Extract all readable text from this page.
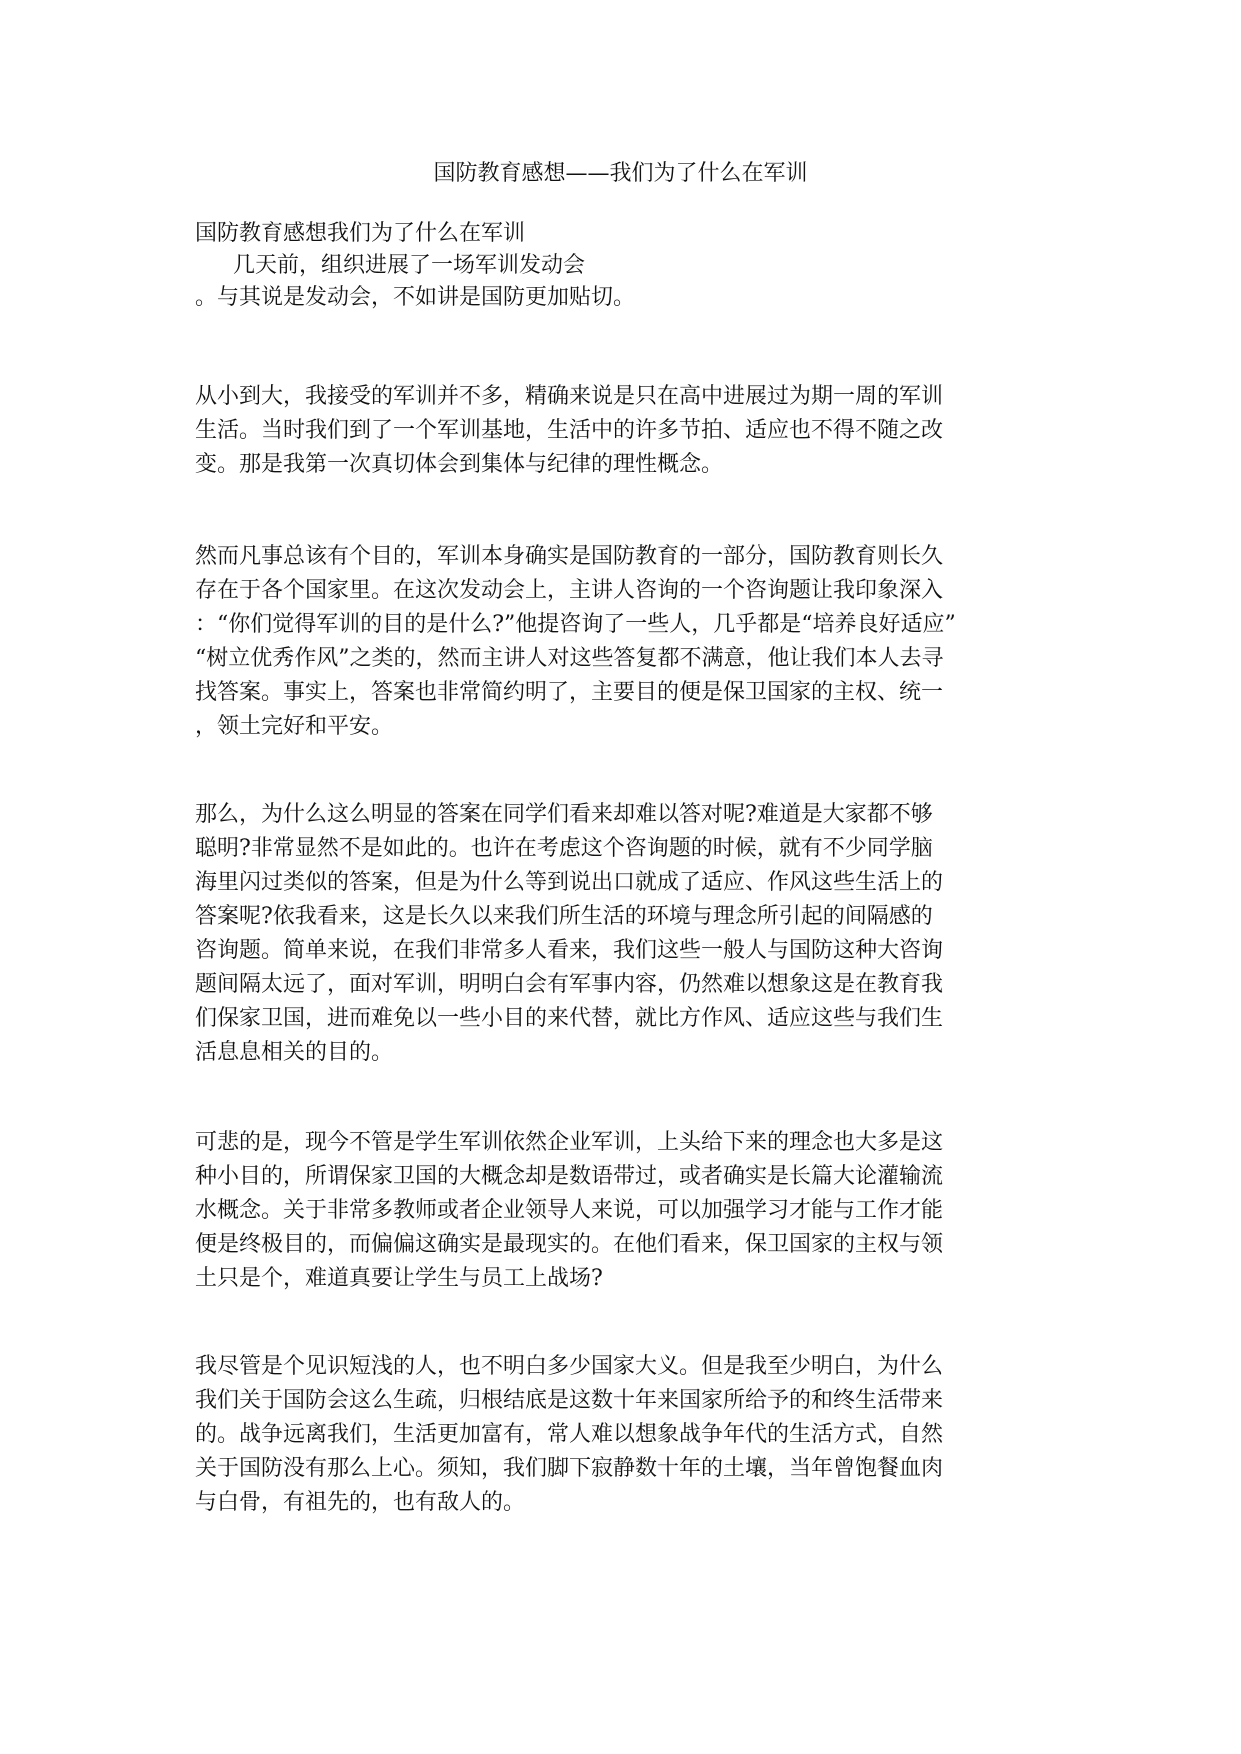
国防教育感想——我们为了什么在军训
国防教育感想我们为了什么在军训
几天前，组织进展了一场军训发动会
。与其说是发动会，不如讲是国防更加贴切。
从小到大，我接受的军训并不多，精确来说是只在高中进展过为期一周的军训
生活。当时我们到了一个军训基地，生活中的许多节拍、适应也不得不随之改
变。那是我第一次真切体会到集体与纪律的理性概念。
然而凡事总该有个目的，军训本身确实是国防教育的一部分，国防教育则长久
存在于各个国家里。在这次发动会上，主讲人咨询的一个咨询题让我印象深入
：“你们觉得军训的目的是什么?”他提咨询了一些人，几乎都是“培养良好适应”
“树立优秀作风”之类的，然而主讲人对这些答复都不满意，他让我们本人去寻
找答案。事实上，答案也非常简约明了，主要目的便是保卫国家的主权、统一
，领土完好和平安。
那么，为什么这么明显的答案在同学们看来却难以答对呢?难道是大家都不够
聪明?非常显然不是如此的。也许在考虑这个咨询题的时候，就有不少同学脑
海里闪过类似的答案，但是为什么等到说出口就成了适应、作风这些生活上的
答案呢?依我看来，这是长久以来我们所生活的环境与理念所引起的间隔感的
咨询题。简单来说，在我们非常多人看来，我们这些一般人与国防这种大咨询
题间隔太远了，面对军训，明明白会有军事内容，仍然难以想象这是在教育我
们保家卫国，进而难免以一些小目的来代替，就比方作风、适应这些与我们生
活息息相关的目的。
可悲的是，现今不管是学生军训依然企业军训，上头给下来的理念也大多是这
种小目的，所谓保家卫国的大概念却是数语带过，或者确实是长篇大论灌输流
水概念。关于非常多教师或者企业领导人来说，可以加强学习才能与工作才能
便是终极目的，而偏偏这确实是最现实的。在他们看来，保卫国家的主权与领
土只是个，难道真要让学生与员工上战场?
我尽管是个见识短浅的人，也不明白多少国家大义。但是我至少明白，为什么
我们关于国防会这么生疏，归根结底是这数十年来国家所给予的和终生活带来
的。战争远离我们，生活更加富有，常人难以想象战争年代的生活方式，自然
关于国防没有那么上心。须知，我们脚下寂静数十年的土壤，当年曾饱餐血肉
与白骨，有祖先的，也有敌人的。
